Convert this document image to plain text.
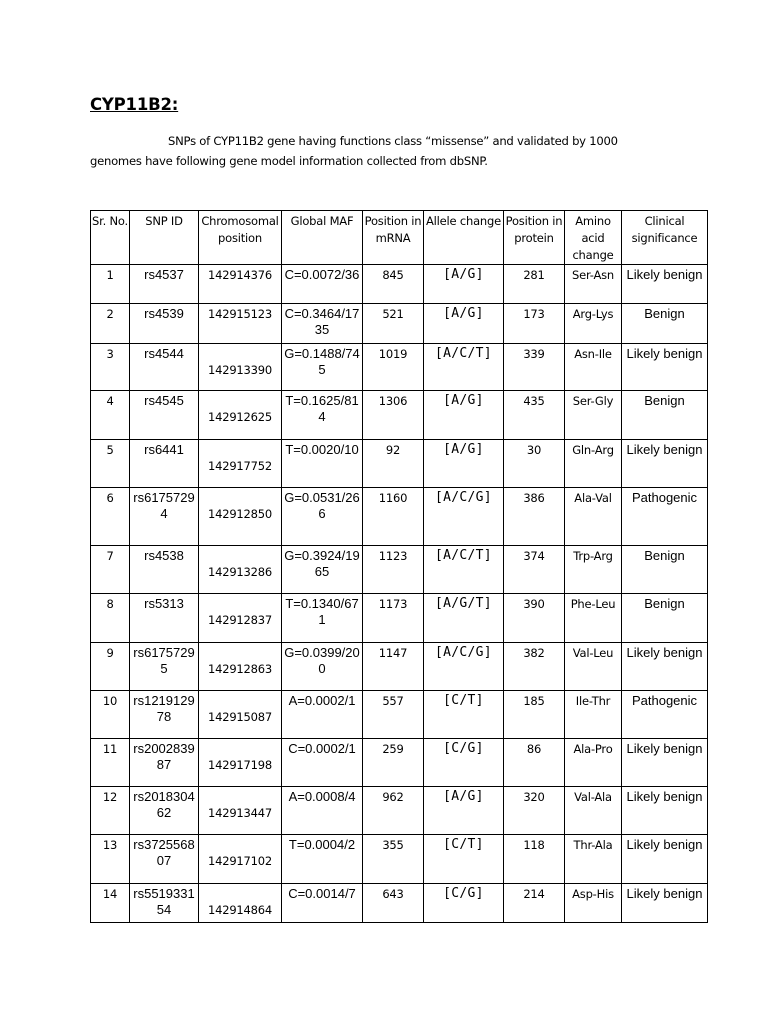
CYP11B2:
SNPs of CYP11B2 gene having functions class “missense” and validated by 1000
genomes have following gene model information collected from dbSNP.
Sr. No.	SNP ID	Chromosomal position	Global MAF	Position in mRNA	Allele change	Position in protein	Amino acid change	Clinical significance
1	rs4537	142914376	C=0.0072/36	845	[A/G]	281	Ser-Asn	Likely benign
2	rs4539	142915123	C=0.3464/1735	521	[A/G]	173	Arg-Lys	Benign
3	rs4544	142913390	G=0.1488/745	1019	[A/C/T]	339	Asn-Ile	Likely benign
4	rs4545	142912625	T=0.1625/814	1306	[A/G]	435	Ser-Gly	Benign
5	rs6441	142917752	T=0.0020/10	92	[A/G]	30	Gln-Arg	Likely benign
6	rs61757294	142912850	G=0.0531/266	1160	[A/C/G]	386	Ala-Val	Pathogenic
7	rs4538	142913286	G=0.3924/1965	1123	[A/C/T]	374	Trp-Arg	Benign
8	rs5313	142912837	T=0.1340/671	1173	[A/G/T]	390	Phe-Leu	Benign
9	rs61757295	142912863	G=0.0399/200	1147	[A/C/G]	382	Val-Leu	Likely benign
10	rs121912978	142915087	A=0.0002/1	557	[C/T]	185	Ile-Thr	Pathogenic
11	rs200283987	142917198	C=0.0002/1	259	[C/G]	86	Ala-Pro	Likely benign
12	rs201830462	142913447	A=0.0008/4	962	[A/G]	320	Val-Ala	Likely benign
13	rs372556807	142917102	T=0.0004/2	355	[C/T]	118	Thr-Ala	Likely benign
14	rs551933154	142914864	C=0.0014/7	643	[C/G]	214	Asp-His	Likely benign
